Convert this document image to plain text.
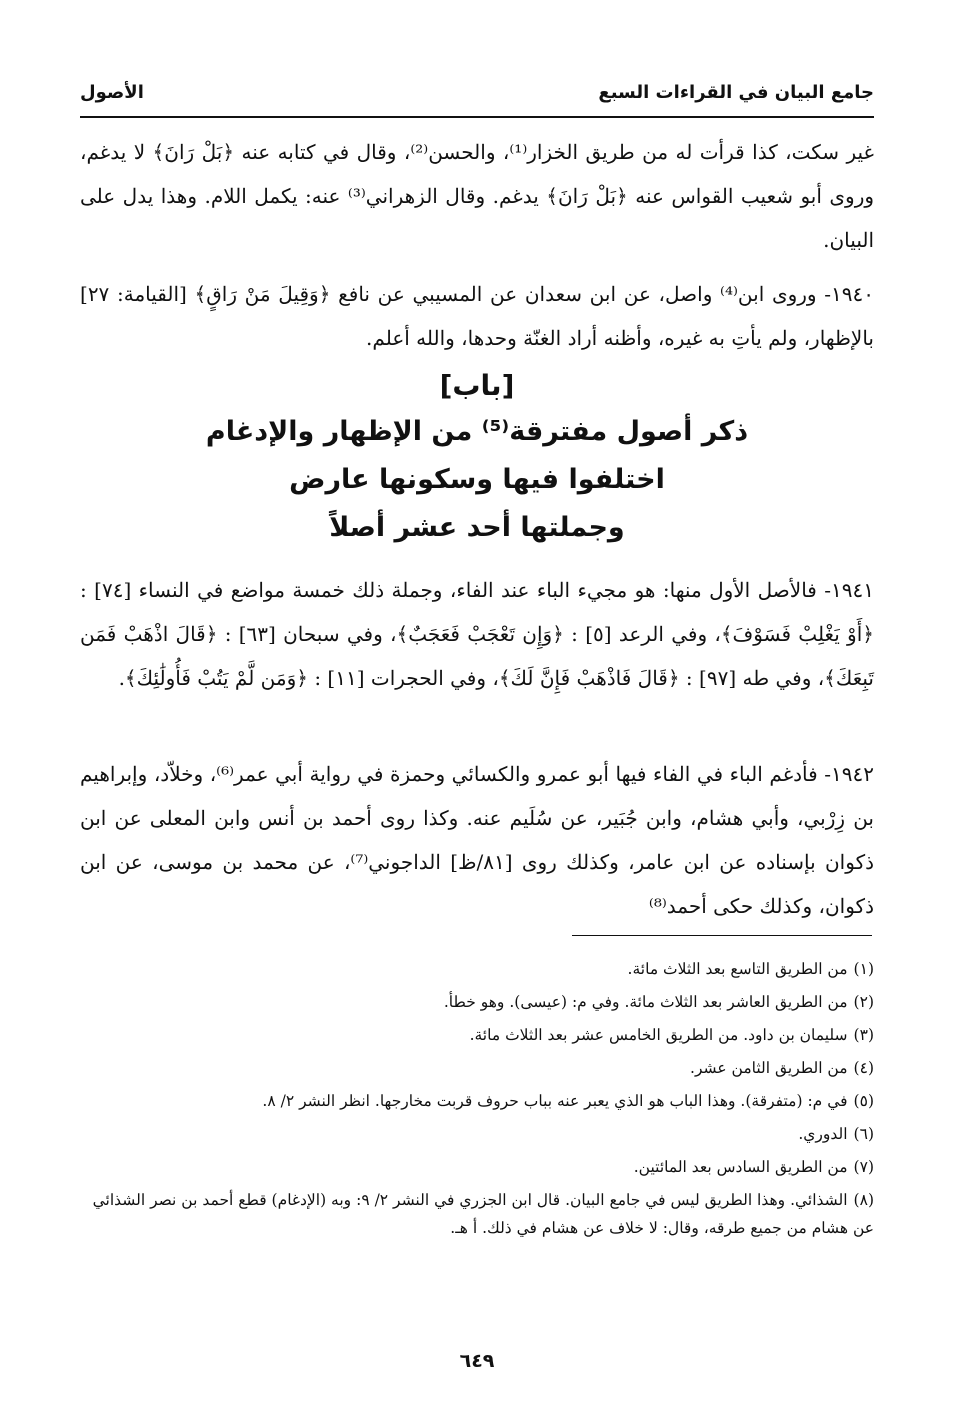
جامع البيان في القراءات السبع
الأصول

غير سكت، كذا قرأت له من طريق الخزار⁽¹⁾، والحسن⁽²⁾، وقال في كتابه عنه ﴿بَلْ رَانَ﴾ لا يدغم، وروى أبو شعيب القواس عنه ﴿بَلْ رَانَ﴾ يدغم. وقال الزهراني⁽³⁾ عنه: يكمل اللام. وهذا يدل على البيان.

١٩٤٠- وروى ابن⁽⁴⁾ واصل، عن ابن سعدان عن المسيبي عن نافع ﴿وَقِيلَ مَنْ رَاقٍ﴾ [القيامة: ٢٧] بالإظهار، ولم يأتِ به غيره، وأظنه أراد الغنّة وحدها، والله أعلم.

[باب]
ذكر أصول مفترقة⁽⁵⁾ من الإظهار والإدغام
اختلفوا فيها وسكونها عارض
وجملتها أحد عشر أصلاً

١٩٤١- فالأصل الأول منها: هو مجيء الباء عند الفاء، وجملة ذلك خمسة مواضع في النساء [٧٤] : ﴿أَوْ يَغْلِبْ فَسَوْفَ﴾، وفي الرعد [٥] : ﴿وَإِن تَعْجَبْ فَعَجَبٌ﴾، وفي سبحان [٦٣] : ﴿قَالَ اذْهَبْ فَمَن تَبِعَكَ﴾، وفي طه [٩٧] : ﴿قَالَ فَاذْهَبْ فَإِنَّ لَكَ﴾، وفي الحجرات [١١] : ﴿وَمَن لَّمْ يَتُبْ فَأُولَٰئِكَ﴾.

١٩٤٢- فأدغم الباء في الفاء فيها أبو عمرو والكسائي وحمزة في رواية أبي عمر⁽⁶⁾، وخلاّد، وإبراهيم بن زِرْبي، وأبي هشام، وابن جُبَير، عن سُلَيم عنه. وكذا روى أحمد بن أنس وابن المعلى عن ابن ذكوان بإسناده عن ابن عامر، وكذلك روى [٨١/ظ] الداجوني⁽⁷⁾، عن محمد بن موسى، عن ابن ذكوان، وكذلك حكى أحمد⁽⁸⁾

(١)من الطريق التاسع بعد الثلاث مائة.
(٢)من الطريق العاشر بعد الثلاث مائة. وفي م: (عيسى). وهو خطأ.
(٣)سليمان بن داود. من الطريق الخامس عشر بعد الثلاث مائة.
(٤)من الطريق الثامن عشر.
(٥)في م: (متفرقة). وهذا الباب هو الذي يعبر عنه بباب حروف قربت مخارجها. انظر النشر ٢/ ٨.
(٦)الدوري.
(٧)من الطريق السادس بعد المائتين.
(٨)الشذائي. وهذا الطريق ليس في جامع البيان. قال ابن الجزري في النشر ٢/ ٩: وبه (الإدغام) قطع أحمد بن نصر الشذائي عن هشام من جميع طرقه، وقال: لا خلاف عن هشام في ذلك. أ هـ.
٦٤٩
